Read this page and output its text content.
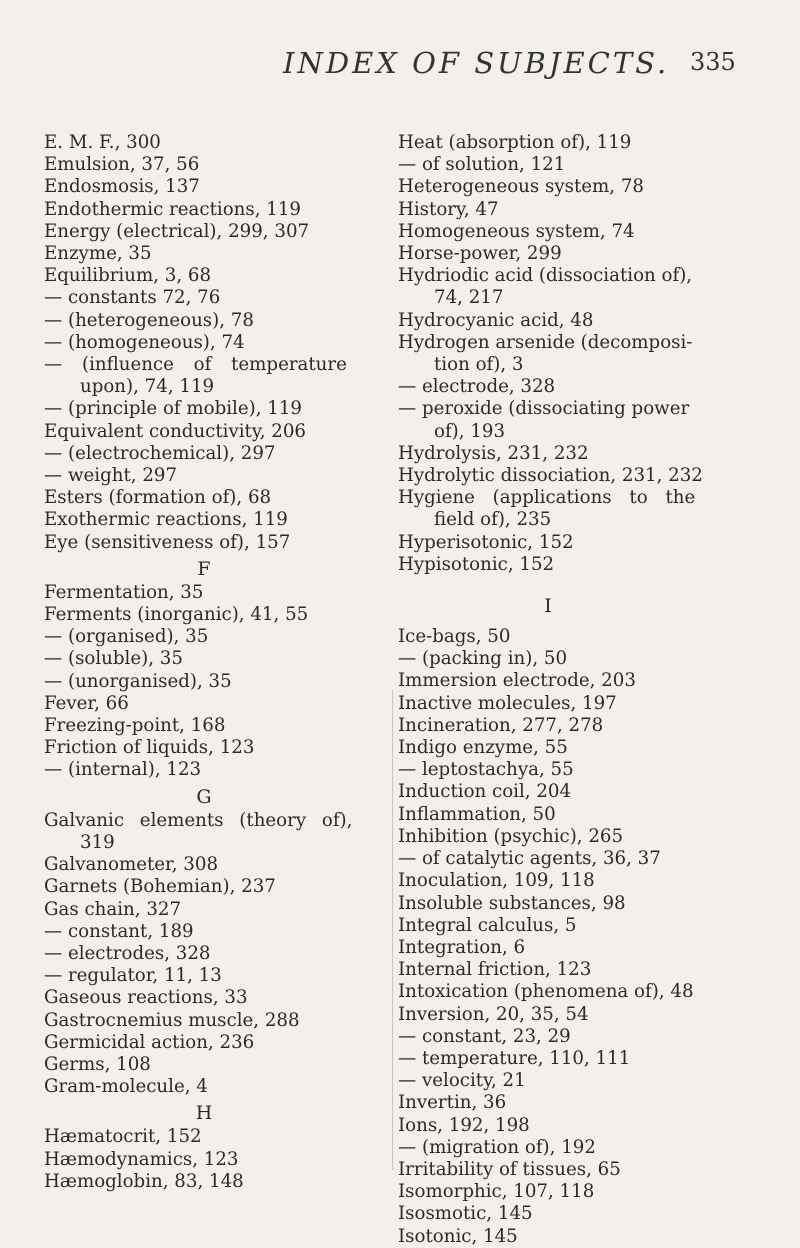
INDEX OF SUBJECTS. 335
E. M. F., 300
Emulsion, 37, 56
Endosmosis, 137
Endothermic reactions, 119
Energy (electrical), 299, 307
Enzyme, 35
Equilibrium, 3, 68
— constants 72, 76
— (heterogeneous), 78
— (homogeneous), 74
— (influence of temperature
upon), 74, 119
— (principle of mobile), 119
Equivalent conductivity, 206
— (electrochemical), 297
— weight, 297
Esters (formation of), 68
Exothermic reactions, 119
Eye (sensitiveness of), 157
F
Fermentation, 35
Ferments (inorganic), 41, 55
— (organised), 35
— (soluble), 35
— (unorganised), 35
Fever, 66
Freezing-point, 168
Friction of liquids, 123
— (internal), 123
G
Galvanic elements (theory of),
319
Galvanometer, 308
Garnets (Bohemian), 237
Gas chain, 327
— constant, 189
— electrodes, 328
— regulator, 11, 13
Gaseous reactions, 33
Gastrocnemius muscle, 288
Germicidal action, 236
Germs, 108
Gram-molecule, 4
H
Hæmatocrit, 152
Hæmodynamics, 123
Hæmoglobin, 83, 148
Heat (absorption of), 119
— of solution, 121
Heterogeneous system, 78
History, 47
Homogeneous system, 74
Horse-power, 299
Hydriodic acid (dissociation of),
74, 217
Hydrocyanic acid, 48
Hydrogen arsenide (decomposi-
tion of), 3
— electrode, 328
— peroxide (dissociating power
of), 193
Hydrolysis, 231, 232
Hydrolytic dissociation, 231, 232
Hygiene (applications to the
field of), 235
Hyperisotonic, 152
Hypisotonic, 152
I
Ice-bags, 50
— (packing in), 50
Immersion electrode, 203
Inactive molecules, 197
Incineration, 277, 278
Indigo enzyme, 55
— leptostachya, 55
Induction coil, 204
Inflammation, 50
Inhibition (psychic), 265
— of catalytic agents, 36, 37
Inoculation, 109, 118
Insoluble substances, 98
Integral calculus, 5
Integration, 6
Internal friction, 123
Intoxication (phenomena of), 48
Inversion, 20, 35, 54
— constant, 23, 29
— temperature, 110, 111
— velocity, 21
Invertin, 36
Ions, 192, 198
— (migration of), 192
Irritability of tissues, 65
Isomorphic, 107, 118
Isosmotic, 145
Isotonic, 145
